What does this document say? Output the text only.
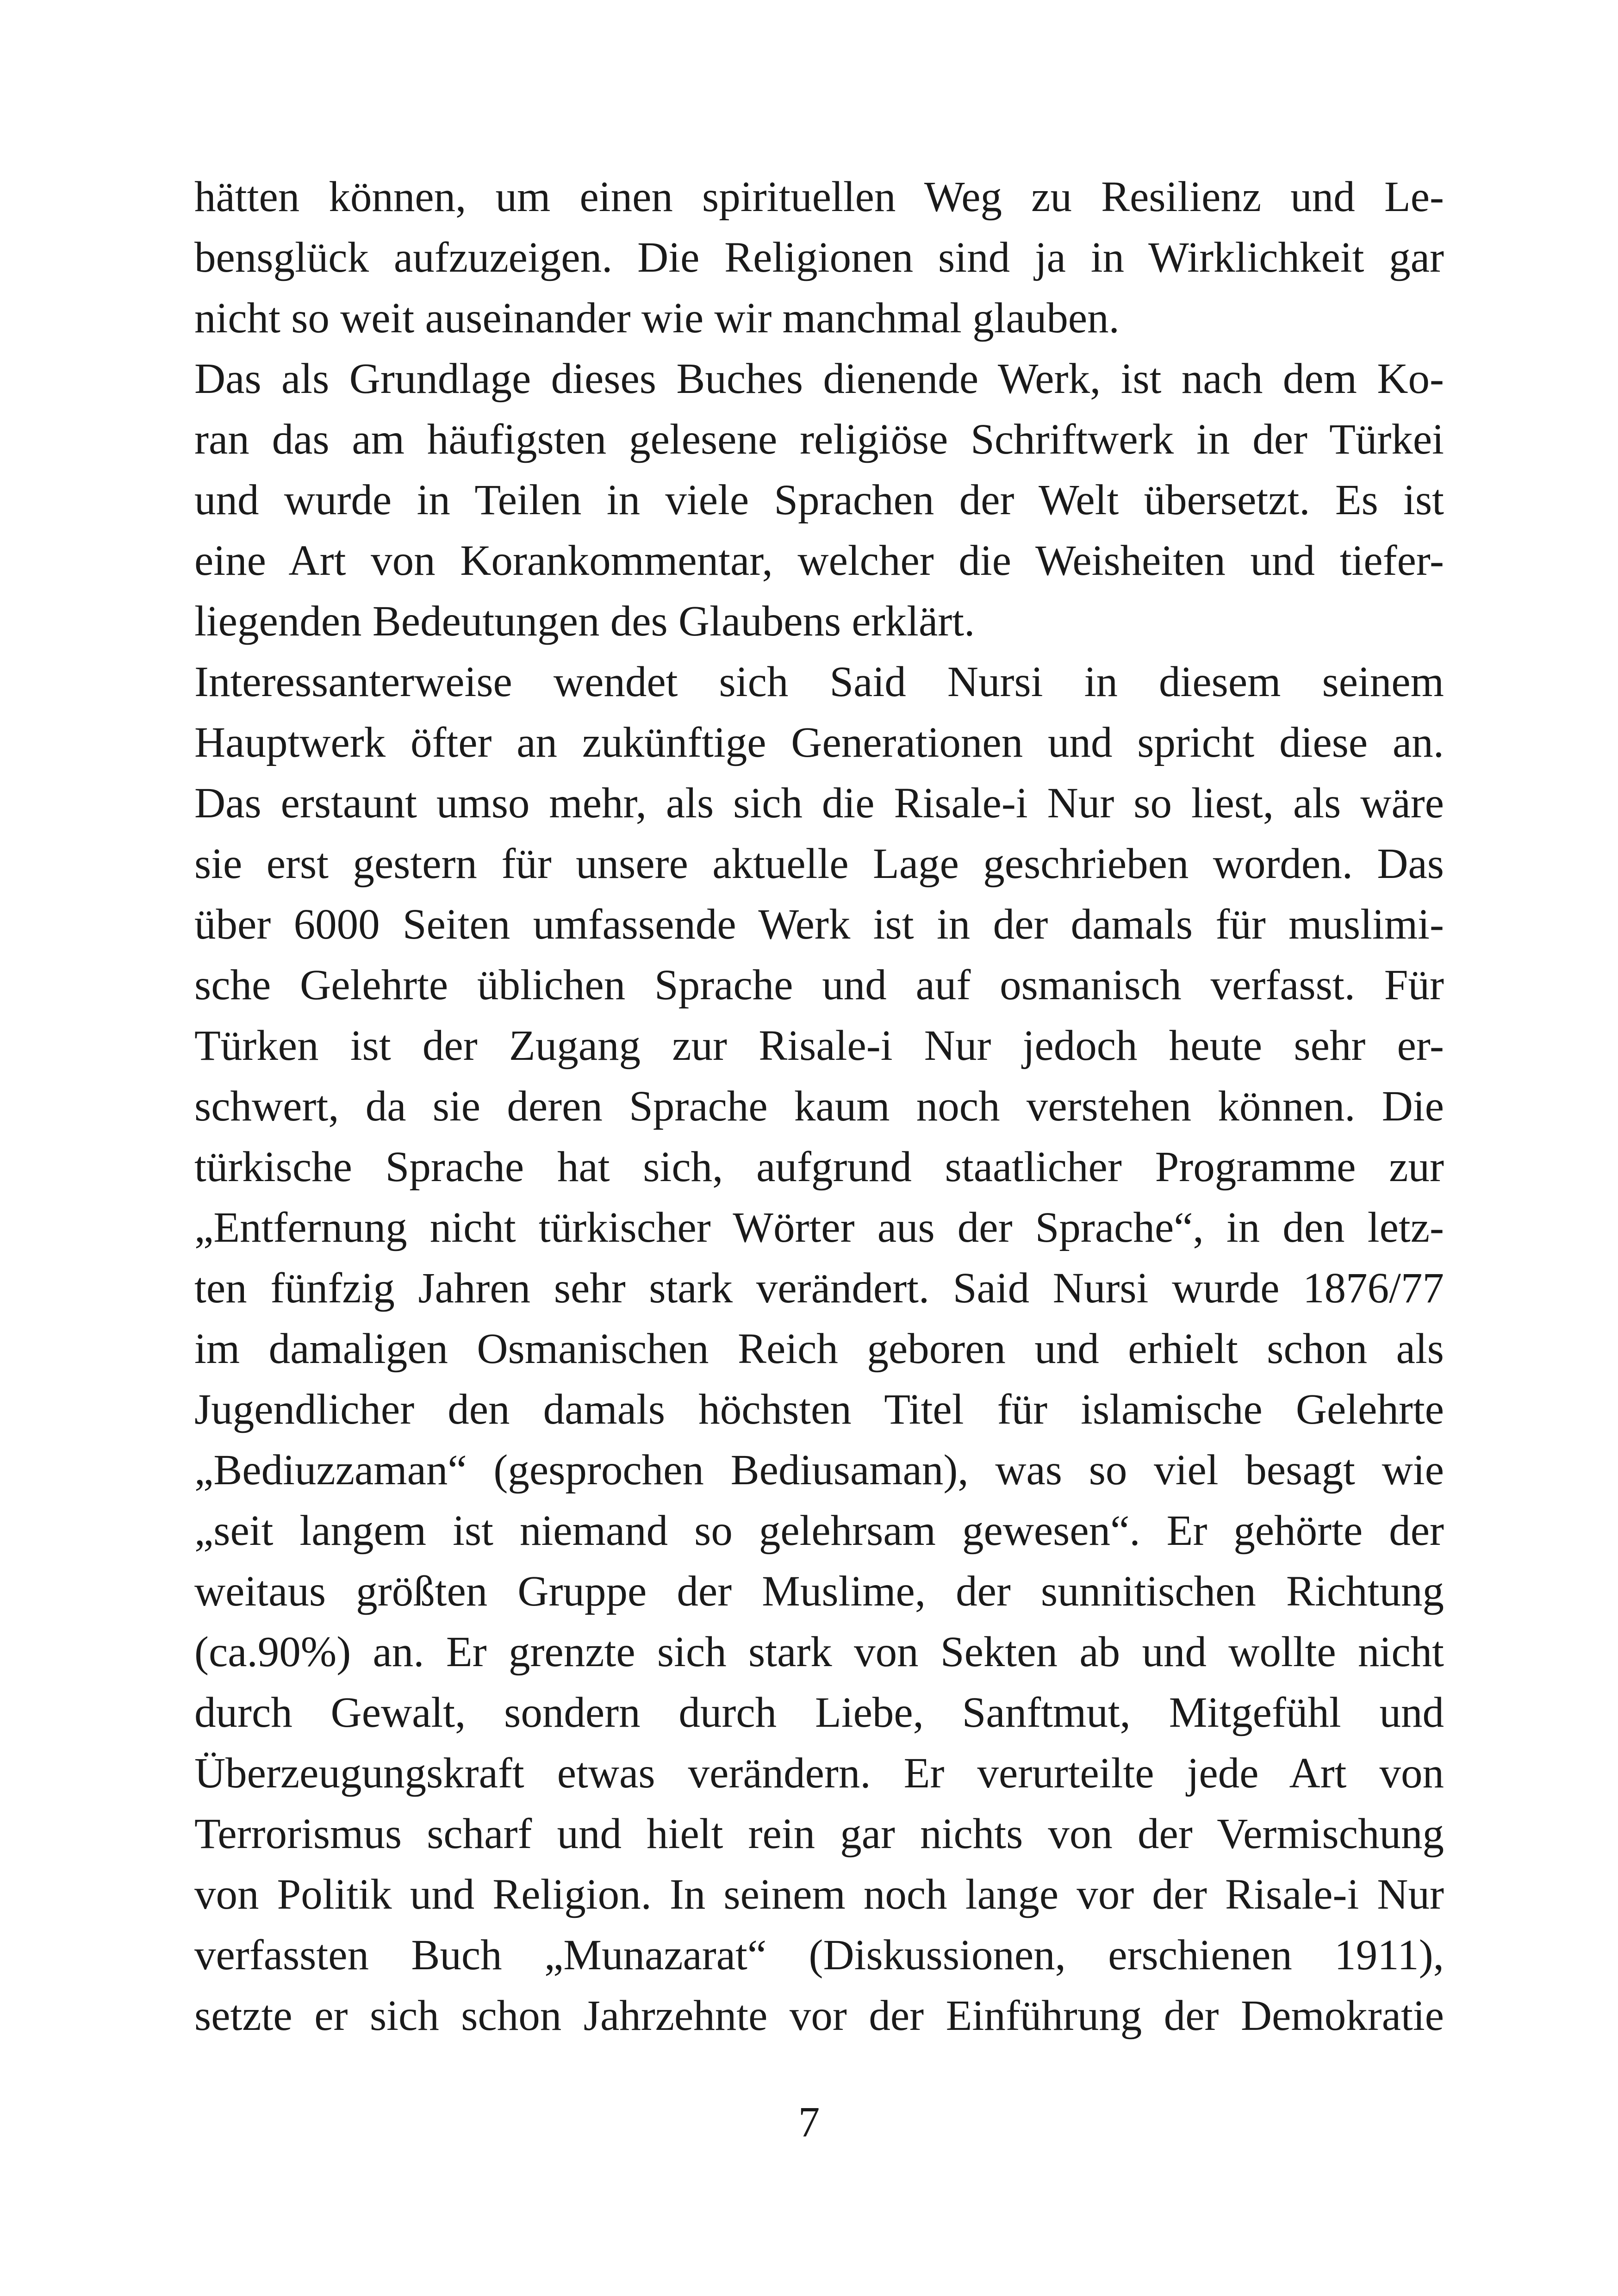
hätten können, um einen spirituellen Weg zu Resilienz und Le-
bensglück aufzuzeigen. Die Religionen sind ja in Wirklichkeit gar
nicht so weit auseinander wie wir manchmal glauben.
Das als Grundlage dieses Buches dienende Werk, ist nach dem Ko-
ran das am häufigsten gelesene religiöse Schriftwerk in der Türkei
und wurde in Teilen in viele Sprachen der Welt übersetzt. Es ist
eine Art von Korankommentar, welcher die Weisheiten und tiefer-
liegenden Bedeutungen des Glaubens erklärt.
Interessanterweise wendet sich Said Nursi in diesem seinem
Hauptwerk öfter an zukünftige Generationen und spricht diese an.
Das erstaunt umso mehr, als sich die Risale-i Nur so liest, als wäre
sie erst gestern für unsere aktuelle Lage geschrieben worden. Das
über 6000 Seiten umfassende Werk ist in der damals für muslimi-
sche Gelehrte üblichen Sprache und auf osmanisch verfasst. Für
Türken ist der Zugang zur Risale-i Nur jedoch heute sehr er-
schwert, da sie deren Sprache kaum noch verstehen können. Die
türkische Sprache hat sich, aufgrund staatlicher Programme zur
„Entfernung nicht türkischer Wörter aus der Sprache“, in den letz-
ten fünfzig Jahren sehr stark verändert. Said Nursi wurde 1876/77
im damaligen Osmanischen Reich geboren und erhielt schon als
Jugendlicher den damals höchsten Titel für islamische Gelehrte
„Bediuzzaman“ (gesprochen Bediusaman), was so viel besagt wie
„seit langem ist niemand so gelehrsam gewesen“. Er gehörte der
weitaus größten Gruppe der Muslime, der sunnitischen Richtung
(ca.90%) an. Er grenzte sich stark von Sekten ab und wollte nicht
durch Gewalt, sondern durch Liebe, Sanftmut, Mitgefühl und
Überzeugungskraft etwas verändern. Er verurteilte jede Art von
Terrorismus scharf und hielt rein gar nichts von der Vermischung
von Politik und Religion. In seinem noch lange vor der Risale-i Nur
verfassten Buch „Munazarat“ (Diskussionen, erschienen 1911),
setzte er sich schon Jahrzehnte vor der Einführung der Demokratie
7
